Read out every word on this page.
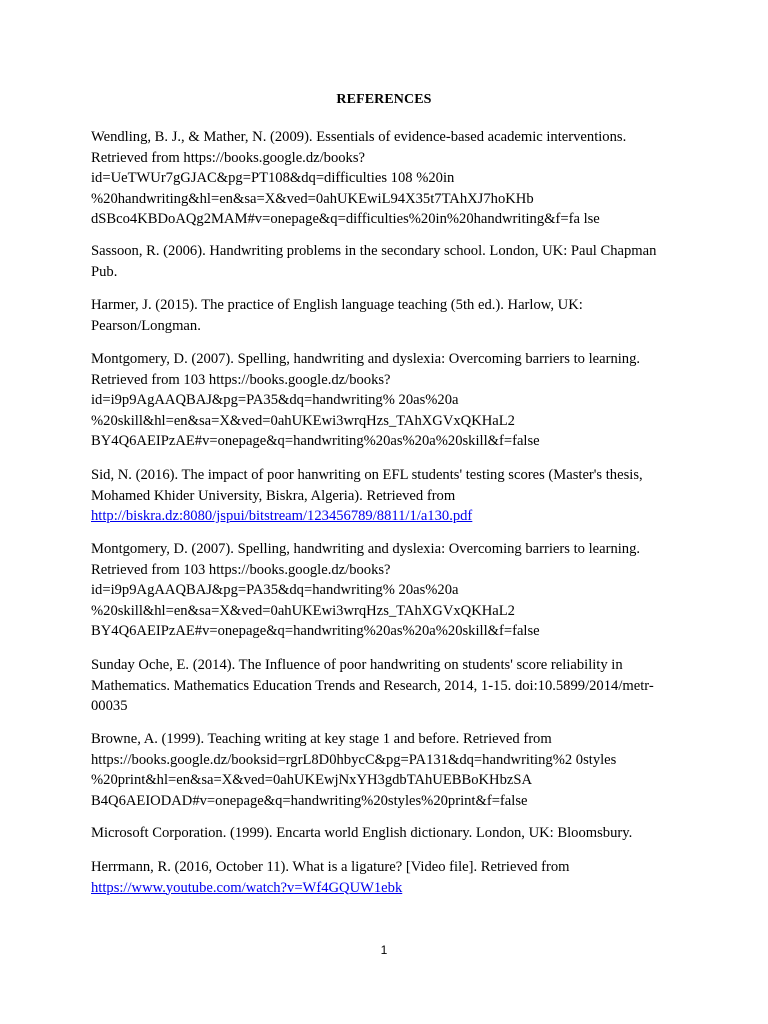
REFERENCES
Wendling, B. J., & Mather, N. (2009). Essentials of evidence-based academic interventions.
Retrieved from https://books.google.dz/books?
id=UeTWUr7gGJAC&pg=PT108&dq=difficulties 108 %20in
%20handwriting&hl=en&sa=X&ved=0ahUKEwiL94X35t7TAhXJ7hoKHb
dSBco4KBDoAQg2MAM#v=onepage&q=difficulties%20in%20handwriting&f=fa lse
Sassoon, R. (2006). Handwriting problems in the secondary school. London, UK: Paul Chapman
Pub.
Harmer, J. (2015). The practice of English language teaching (5th ed.). Harlow, UK:
Pearson/Longman.
Montgomery, D. (2007). Spelling, handwriting and dyslexia: Overcoming barriers to learning.
Retrieved from 103 https://books.google.dz/books?
id=i9p9AgAAQBAJ&pg=PA35&dq=handwriting% 20as%20a
%20skill&hl=en&sa=X&ved=0ahUKEwi3wrqHzs_TAhXGVxQKHaL2
BY4Q6AEIPzAE#v=onepage&q=handwriting%20as%20a%20skill&f=false
Sid, N. (2016). The impact of poor hanwriting on EFL students' testing scores (Master's thesis,
Mohamed Khider University, Biskra, Algeria). Retrieved from
http://biskra.dz:8080/jspui/bitstream/123456789/8811/1/a130.pdf
Montgomery, D. (2007). Spelling, handwriting and dyslexia: Overcoming barriers to learning.
Retrieved from 103 https://books.google.dz/books?
id=i9p9AgAAQBAJ&pg=PA35&dq=handwriting% 20as%20a
%20skill&hl=en&sa=X&ved=0ahUKEwi3wrqHzs_TAhXGVxQKHaL2
BY4Q6AEIPzAE#v=onepage&q=handwriting%20as%20a%20skill&f=false
Sunday Oche, E. (2014). The Influence of poor handwriting on students' score reliability in
Mathematics. Mathematics Education Trends and Research, 2014, 1-15. doi:10.5899/2014/metr-
00035
Browne, A. (1999). Teaching writing at key stage 1 and before. Retrieved from
https://books.google.dz/booksid=rgrL8D0hbycC&pg=PA131&dq=handwriting%2 0styles
%20print&hl=en&sa=X&ved=0ahUKEwjNxYH3gdbTAhUEBBoKHbzSA
B4Q6AEIODAD#v=onepage&q=handwriting%20styles%20print&f=false
Microsoft Corporation. (1999). Encarta world English dictionary. London, UK: Bloomsbury.
Herrmann, R. (2016, October 11). What is a ligature? [Video file]. Retrieved from
https://www.youtube.com/watch?v=Wf4GQUW1ebk
1
